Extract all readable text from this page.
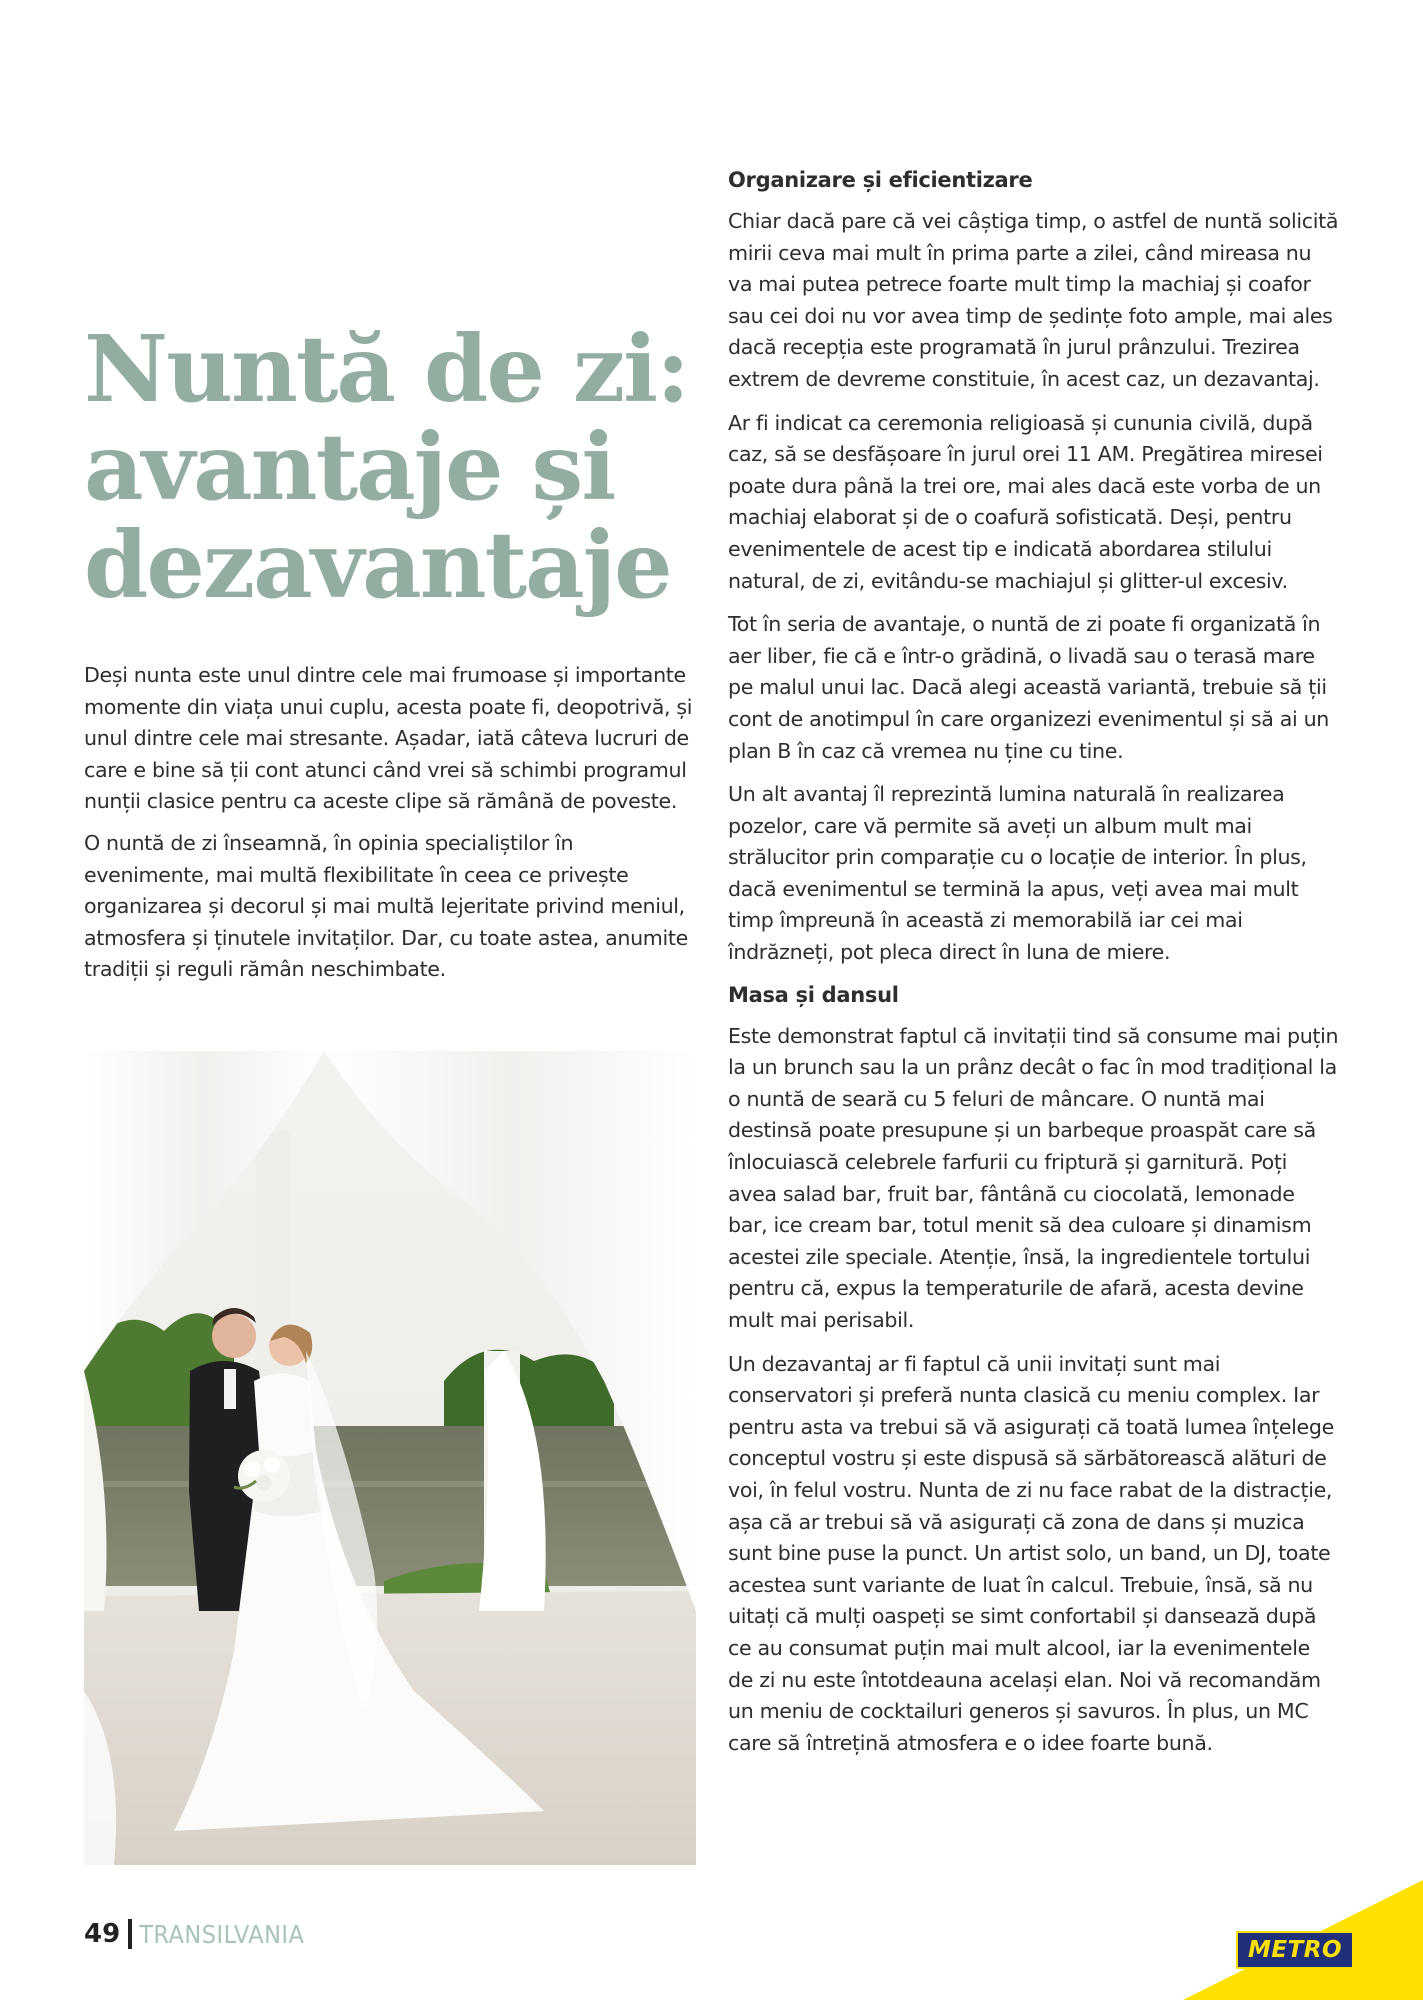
Nuntă de zi:
avantaje și
dezavantaje

Deși nunta este unul dintre cele mai frumoase și importante momente din viața unui cuplu, acesta poate fi, deopotrivă, și unul dintre cele mai stresante. Așadar, iată câteva lucruri de care e bine să ții cont atunci când vrei să schimbi programul nunții clasice pentru ca aceste clipe să rămână de poveste.

O nuntă de zi înseamnă, în opinia specialiștilor în evenimente, mai multă flexibilitate în ceea ce privește organizarea și decorul și mai multă lejeritate privind meniul, atmosfera și ținutele invitaților. Dar, cu toate astea, anumite tradiții și reguli rămân neschimbate.

Organizare și eficientizare

Chiar dacă pare că vei câștiga timp, o astfel de nuntă solicită mirii ceva mai mult în prima parte a zilei, când mireasa nu va mai putea petrece foarte mult timp la machiaj și coafor sau cei doi nu vor avea timp de ședințe foto ample, mai ales dacă recepția este programată în jurul prânzului. Trezirea extrem de devreme constituie, în acest caz, un dezavantaj.

Ar fi indicat ca ceremonia religioasă și cununia civilă, după caz, să se desfășoare în jurul orei 11 AM. Pregătirea miresei poate dura până la trei ore, mai ales dacă este vorba de un machiaj elaborat și de o coafură sofisticată. Deși, pentru evenimentele de acest tip e indicată abordarea stilului natural, de zi, evitându-se machiajul și glitter-ul excesiv.

Tot în seria de avantaje, o nuntă de zi poate fi organizată în aer liber, fie că e într-o grădină, o livadă sau o terasă mare pe malul unui lac. Dacă alegi această variantă, trebuie să ții cont de anotimpul în care organizezi evenimentul și să ai un plan B în caz că vremea nu ține cu tine.

Un alt avantaj îl reprezintă lumina naturală în realizarea pozelor, care vă permite să aveți un album mult mai strălucitor prin comparație cu o locație de interior. În plus, dacă evenimentul se termină la apus, veți avea mai mult timp împreună în această zi memorabilă iar cei mai îndrăzneți, pot pleca direct în luna de miere.

Masa și dansul

Este demonstrat faptul că invitații tind să consume mai puțin la un brunch sau la un prânz decât o fac în mod tradițional la o nuntă de seară cu 5 feluri de mâncare. O nuntă mai destinsă poate presupune și un barbeque proaspăt care să înlocuiască celebrele farfurii cu friptură și garnitură. Poți avea salad bar, fruit bar, fântână cu ciocolată, lemonade bar, ice cream bar, totul menit să dea culoare și dinamism acestei zile speciale. Atenție, însă, la ingredientele tortului pentru că, expus la temperaturile de afară, acesta devine mult mai perisabil.

Un dezavantaj ar fi faptul că unii invitați sunt mai conservatori și preferă nunta clasică cu meniu complex. Iar pentru asta va trebui să vă asigurați că toată lumea înțelege conceptul vostru și este dispusă să sărbătorească alături de voi, în felul vostru. Nunta de zi nu face rabat de la distracție, așa că ar trebui să vă asigurați că zona de dans și muzica sunt bine puse la punct. Un artist solo, un band, un DJ, toate acestea sunt variante de luat în calcul. Trebuie, însă, să nu uitați că mulți oaspeți se simt confortabil și dansează după ce au consumat puțin mai mult alcool, iar la evenimentele de zi nu este întotdeauna același elan. Noi vă recomandăm un meniu de cocktailuri generos și savuros. În plus, un MC care să întrețină atmosfera e o idee foarte bună.

49 TRANSILVANIA
METRO
